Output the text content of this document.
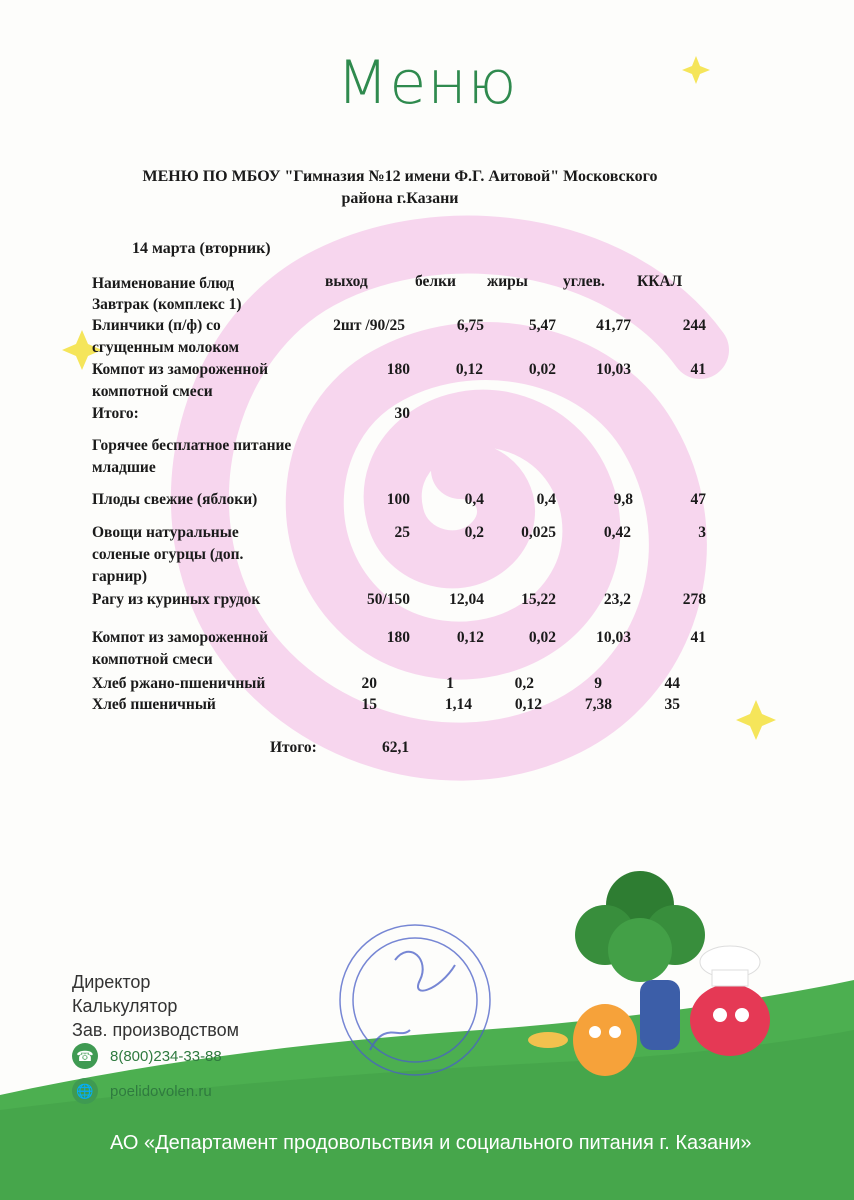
Меню
МЕНЮ ПО МБОУ "Гимназия №12 имени Ф.Г. Аитовой" Московского
района г.Казани
14 марта (вторник)
Наименование блюд	выход	белки жиры углев. ККАЛ
Завтрак (комплекс 1)
Блинчики (п/ф) со
сгущенным молоком
2шт /90/25	6,75	5,47	41,77	244
Компот из замороженной
компотной смеси
180	0,12	0,02	10,03	41
Итого:	30
Горячее бесплатное питание
младшие
Плоды свежие (яблоки)	100	0,4	0,4	9,8	47
Овощи натуральные
соленые огурцы (доп.
гарнир)
25	0,2	0,025	0,42	3
Рагу из куриных грудок	50/150	12,04	15,22	23,2	278
Компот из замороженной
компотной смеси
180	0,12	0,02	10,03	41
Хлеб ржано-пшеничный	20	1	0,2	9	44
Хлеб пшеничный	15	1,14	0,12	7,38	35
Итого:	62,1
Директор
Калькулятор
Зав. производством
☎ 8(800)234-33-88
🌐 poelidovolen.ru
АО «Департамент продовольствия и социального питания г. Казани»
